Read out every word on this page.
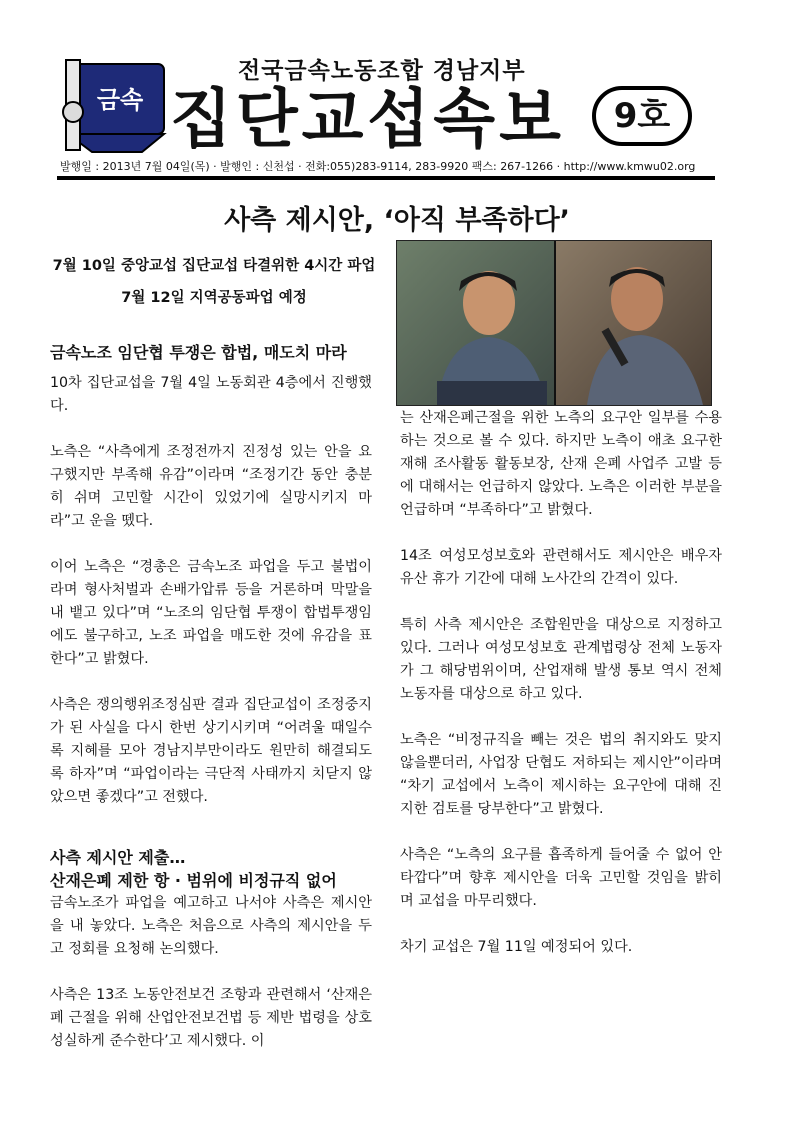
금속
전국금속노동조합 경남지부
집단교섭속보	9호
발행일 : 2013년 7월 04일(목) · 발행인 : 신천섭 · 전화:055)283-9114, 283-9920 팩스: 267-1266 · http://www.kmwu02.org
사측 제시안, ‘아직 부족하다’
7월 10일 중앙교섭 집단교섭 타결위한 4시간 파업
7월 12일 지역공동파업 예정
금속노조 임단협 투쟁은 합법, 매도치 마라

10차 집단교섭을 7월 4일 노동회관 4층에서 진행했다.

노측은 “사측에게 조정전까지 진정성 있는 안을 요구했지만 부족해 유감”이라며 “조정기간 동안 충분히 쉬며 고민할 시간이 있었기에 실망시키지 마라”고 운을 뗐다.

이어 노측은 “경총은 금속노조 파업을 두고 불법이라며 형사처벌과 손배가압류 등을 거론하며 막말을 내 뱉고 있다”며 “노조의 임단협 투쟁이 합법투쟁임에도 불구하고, 노조 파업을 매도한 것에 유감을 표한다”고 밝혔다.

사측은 쟁의행위조정심판 결과 집단교섭이 조정중지가 된 사실을 다시 한번 상기시키며 “어려울 때일수록 지혜를 모아 경남지부만이라도 원만히 해결되도록 하자”며 “파업이라는 극단적 사태까지 치닫지 않았으면 좋겠다”고 전했다.

사측 제시안 제출…
산재은폐 제한 항 · 범위에 비정규직 없어

금속노조가 파업을 예고하고 나서야 사측은 제시안을 내 놓았다. 노측은 처음으로 사측의 제시안을 두고 정회를 요청해 논의했다.

사측은 13조 노동안전보건 조항과 관련해서 ‘산재은폐 근절을 위해 산업안전보건법 등 제반 법령을 상호 성실하게 준수한다’고 제시했다. 이

는 산재은폐근절을 위한 노측의 요구안 일부를 수용하는 것으로 볼 수 있다. 하지만 노측이 애초 요구한 재해 조사활동 활동보장, 산재 은폐 사업주 고발 등에 대해서는 언급하지 않았다. 노측은 이러한 부분을 언급하며 “부족하다”고 밝혔다.

14조 여성모성보호와 관련해서도 제시안은 배우자 유산 휴가 기간에 대해 노사간의 간격이 있다.

특히 사측 제시안은 조합원만을 대상으로 지정하고 있다. 그러나 여성모성보호 관계법령상 전체 노동자가 그 해당범위이며, 산업재해 발생 통보 역시 전체 노동자를 대상으로 하고 있다.

노측은 “비정규직을 빼는 것은 법의 취지와도 맞지 않을뿐더러, 사업장 단협도 저하되는 제시안”이라며 “차기 교섭에서 노측이 제시하는 요구안에 대해 진지한 검토를 당부한다”고 밝혔다.

사측은 “노측의 요구를 흡족하게 들어줄 수 없어 안타깝다”며 향후 제시안을 더욱 고민할 것임을 밝히며 교섭을 마무리했다.

차기 교섭은 7월 11일 예정되어 있다.
